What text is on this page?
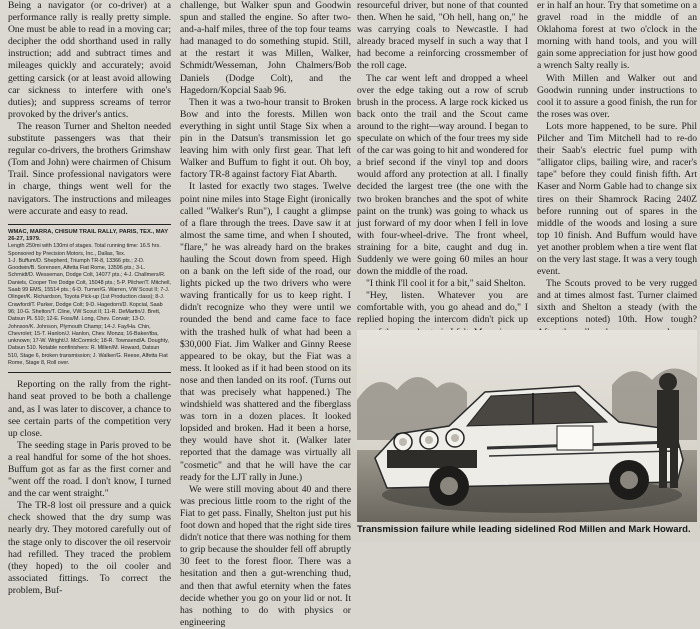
Being a navigator (or co-driver) at a performance rally is really pretty simple. One must be able to read in a moving car; decipher the odd shorthand used in rally instruction; add and subtract times and mileages quickly and accurately; avoid getting carsick (or at least avoid allowing car sickness to interfere with one's duties); and suppress screams of terror provoked by the driver's antics.

The reason Turner and Shelton needed substitute passengers was that their regular co-drivers, the brothers Grimshaw (Tom and John) were chairmen of Chisum Trail. Since professional navigators were in charge, things went well for the navigators. The instructions and mileages were accurate and easy to read.

WMAC, MARRA, CHISUM TRAIL RALLY, PARIS, TEX., MAY 26-27, 1979.
Length 250mi with 130mi of stages. Total running time: 16.5 hrs. Sponsored by Precision Motors, Inc., Dallas, Tex.
1-J. Buffum/D. Shepherd, Triumph TR-8, 13366 pts.; 2-D. Goodwin/B. Sorensen, Alfetta Fiat Rome, 13596 pts.; 3-L. Schmidt/D. Wesseman, Dodge Colt, 14077 pts.; 4-J. Challmers/R. Daniels, Cooper Tire Dodge Colt, 15048 pts.; 5-P. Pilcher/T. Mitchell, Saab 99 EMS, 15514 pts.; 6-D. Turner/G. Warren, VW Scout II; 7-J. Olinger/K. Richardson, Toyota Pick-up (1st Production class); 8-J. Crawford/T. Parker, Dodge Colt; 9-D. Hagedorn/D. Kopcial, Saab 96; 10-G. Shelton/T. Cline, VW Scout II; 11-R. DeMartin/J. Brett, Datsun PL 510; 12-E. Foss/M. Long, Chev. Corvair; 13-D. Johnson/K. Johnson, Plymouth Champ; 14-J. Fay/Ha. Chin, Chevrolet; 15-T. Hanlon/J. Hanlon, Chev. Monza; 16-Baker/tba, unknown; 17-W. Wright/J. McCormick; 18-R. Townsend/A. Doughty, Datsun 510. Notable nonfinishers: R. Millen/M. Howard, Datsun 510, Stage 6, broken transmission; J. Walker/G. Reese, Alfetta Fiat Rome, Stage 8, Roll over.

Reporting on the rally from the right-hand seat proved to be both a challenge and, as I was later to discover, a chance to see certain parts of the competition very up close.

The seeding stage in Paris proved to be a real handful for some of the hot shoes. Buffum got as far as the first corner and "went off the road. I don't know, I turned and the car went straight."

The TR-8 lost oil pressure and a quick check showed that the dry sump was nearly dry. They motored carefully out of the stage only to discover the oil reservoir had refilled. They traced the problem (they hoped) to the oil cooler and associated fittings. To correct the problem, Buf-

challenge, but Walker spun and Goodwin spun and stalled the engine. So after two-and-a-half miles, three of the top four teams had managed to do something stupid. Still, at the restart it was Millen, Walker, Schmidt/Wesseman, John Chalmers/Bob Daniels (Dodge Colt), and the Hagedorn/Kopcial Saab 96.

Then it was a two-hour transit to Broken Bow and into the forests. Millen won everything in sight until Stage Six when a pin in the Datsun's transmission let go leaving him with only first gear. That left Walker and Buffum to fight it out. Oh boy, factory TR-8 against factory Fiat Abarth.

It lasted for exactly two stages. Twelve point nine miles into Stage Eight (ironically called "Walker's Run"), I caught a glimpse of a flare through the trees. Dave saw it at almost the same time, and when I shouted, "flare," he was already hard on the brakes hauling the Scout down from speed. High on a bank on the left side of the road, our lights picked up the two drivers who were waving frantically for us to keep right. I didn't recognize who they were until we rounded the bend and came face to face with the trashed hulk of what had been a $30,000 Fiat. Jim Walker and Ginny Reese appeared to be okay, but the Fiat was a mess. It looked as if it had been stood on its nose and then landed on its roof. (Turns out that was precisely what happened.) The windshield was shattered and the fiberglass was torn in a dozen places. It looked lopsided and broken. Had it been a horse, they would have shot it. (Walker later reported that the damage was virtually all "cosmetic" and that he will have the car ready for the LJT rally in June.)

We were still moving about 40 and there was precious little room to the right of the Fiat to get pass. Finally, Shelton just put his foot down and hoped that the right side tires didn't notice that there was nothing for them to grip because the shoulder fell off abruptly 30 feet to the forest floor. There was a hesitation and then a gut-wrenching thud, and then that awful eternity when the fates decide whether you go on your lid or not. It has nothing to do with physics or engineering

resourceful driver, but none of that counted then. When he said, "Oh hell, hang on," he was carrying coals to Newcastle. I had already braced myself in such a way that I had become a reinforcing crossmember of the roll cage.

The car went left and dropped a wheel over the edge taking out a row of scrub brush in the process. A large rock kicked us back onto the trail and the Scout came around to the right—way around. I began to speculate on which of the four trees my side of the car was going to hit and wondered for a brief second if the vinyl top and doors would afford any protection at all. I finally decided the largest tree (the one with the two broken branches and the spot of white paint on the trunk) was going to whack us just forward of my door when I fell in love with four-wheel-drive. The front wheel, straining for a bite, caught and dug in. Suddenly we were going 60 miles an hour down the middle of the road.

"I think I'll cool it for a bit," said Shelton.

"Hey, listen. Whatever you are comfortable with, you go ahead and do," I replied hoping the intercom didn't pick up

er in half an hour. Try that sometime on a gravel road in the middle of an Oklahoma forest at two o'clock in the morning with hand tools, and you will gain some appreciation for just how good a wrench Salty really is.

With Millen and Walker out and Goodwin running under instructions to cool it to assure a good finish, the run for the roses was over.

Lots more happened, to be sure. Phil Pilcher and Tim Mitchell had to re-do their Saab's electric fuel pump with "alligator clips, bailing wire, and racer's tape" before they could finish fifth. Art Kaser and Norm Gable had to change six tires on their Shamrock Racing 240Z before running out of spares in the middle of the woods and losing a sure top 10 finish. And Buffum would have yet another problem when a tire went flat on the very last stage. It was a very tough event.

The Scouts proved to be very rugged and at times almost fast. Turner claimed sixth and Shelton a steady (with the exceptions noted) 10th. How tough?

Transmission failure while leading sidelined Rod Millen and Mark Howard.
